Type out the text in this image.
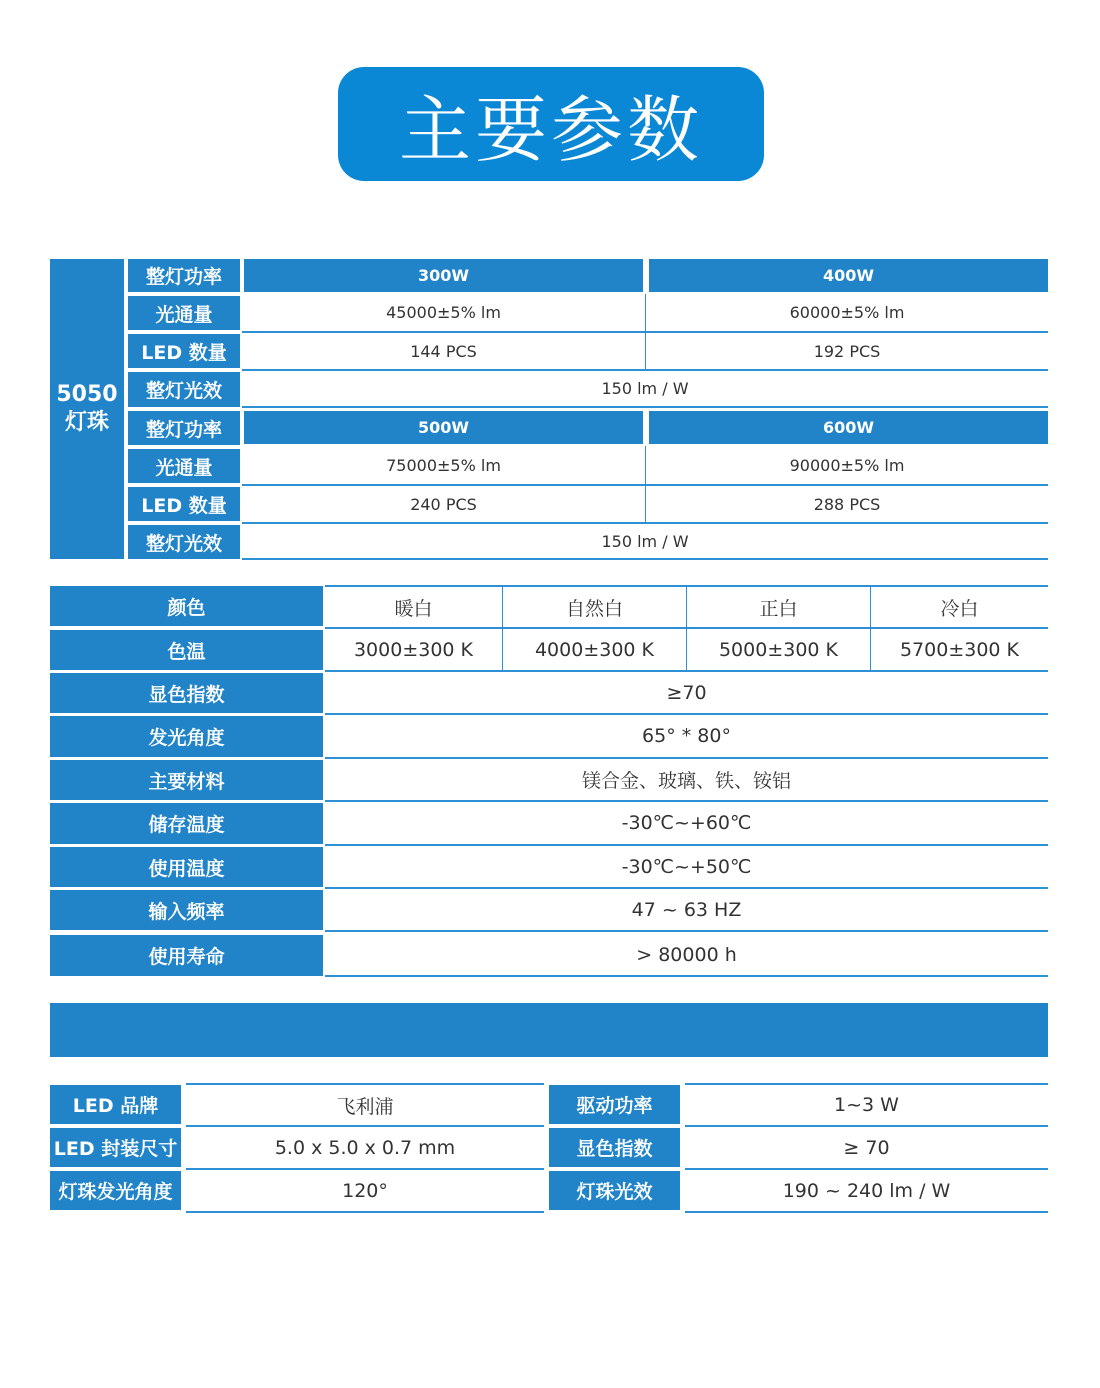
主要参数
5050
灯珠
整灯功率	300W	400W
光通量	45000±5% lm	60000±5% lm
LED 数量	144 PCS	192 PCS
整灯光效	150 lm / W
整灯功率	500W	600W
光通量	75000±5% lm	90000±5% lm
LED 数量	240 PCS	288 PCS
整灯光效	150 lm / W
颜色	暖白	自然白	正白	冷白
色温	3000±300 K	4000±300 K	5000±300 K	5700±300 K
显色指数	≥70
发光角度	65° * 80°
主要材料	镁合金、玻璃、铁、铵铝
储存温度	-30℃~+60℃
使用温度	-30℃~+50℃
输入频率	47 ~ 63 HZ
使用寿命	> 80000 h
LED 品牌	飞利浦	驱动功率	1~3 W
LED 封装尺寸	5.0 x 5.0 x 0.7 mm	显色指数	≥ 70
灯珠发光角度	120°	灯珠光效	190 ~ 240 lm / W
